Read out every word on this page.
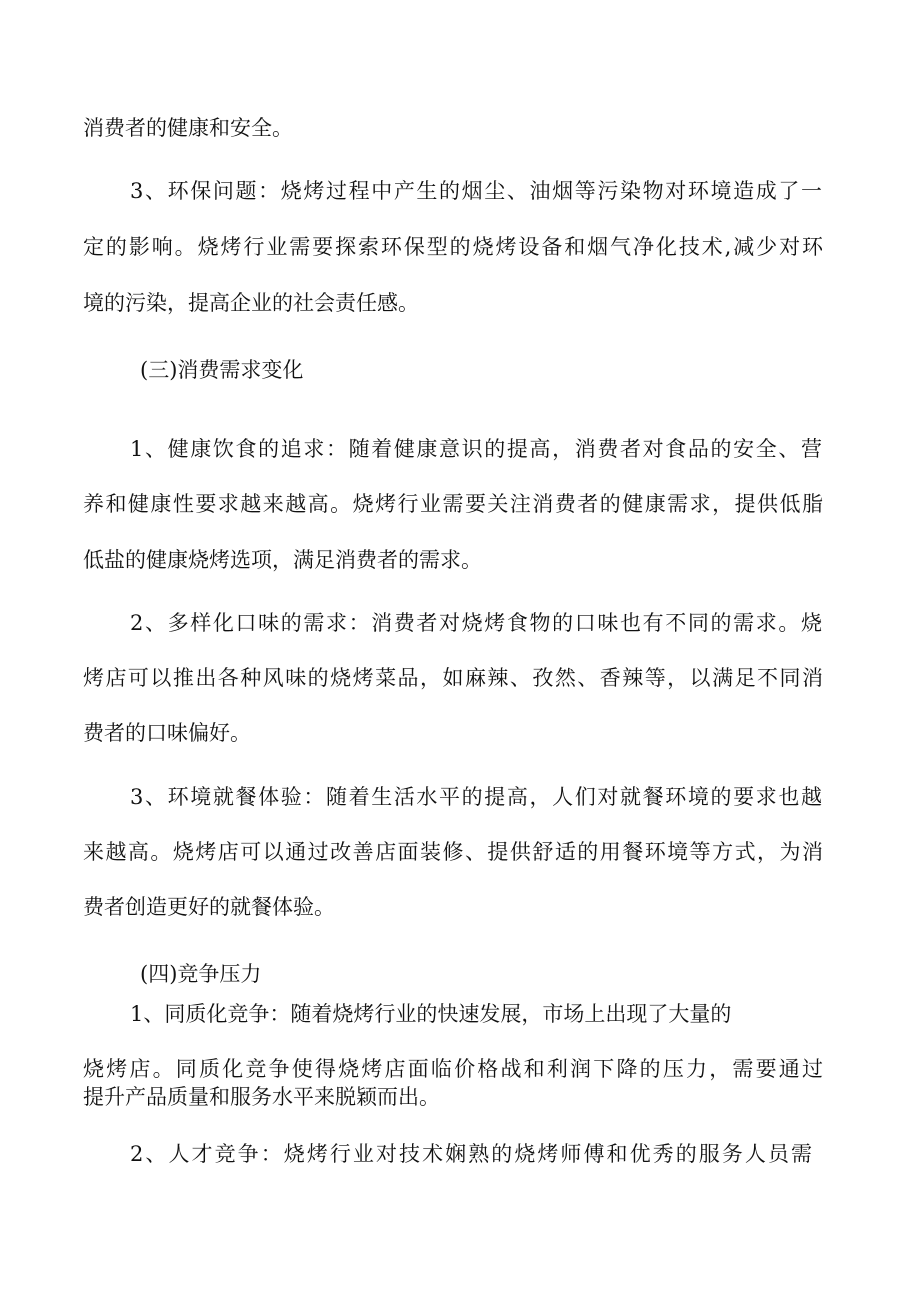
消费者的健康和安全。
3、环保问题：烧烤过程中产生的烟尘、油烟等污染物对环境造成了一
定的影响。烧烤行业需要探索环保型的烧烤设备和烟气净化技术,减少对环
境的污染，提高企业的社会责任感。
(三)消费需求变化
1、健康饮食的追求：随着健康意识的提高，消费者对食品的安全、营
养和健康性要求越来越高。烧烤行业需要关注消费者的健康需求，提供低脂
低盐的健康烧烤选项，满足消费者的需求。
2、多样化口味的需求：消费者对烧烤食物的口味也有不同的需求。烧
烤店可以推出各种风味的烧烤菜品，如麻辣、孜然、香辣等，以满足不同消
费者的口味偏好。
3、环境就餐体验：随着生活水平的提高，人们对就餐环境的要求也越
来越高。烧烤店可以通过改善店面装修、提供舒适的用餐环境等方式，为消
费者创造更好的就餐体验。
(四)竞争压力
1、同质化竞争：随着烧烤行业的快速发展，市场上出现了大量的
烧烤店。同质化竞争使得烧烤店面临价格战和利润下降的压力，需要通过
提升产品质量和服务水平来脱颖而出。
2、人才竞争：烧烤行业对技术娴熟的烧烤师傅和优秀的服务人员需
